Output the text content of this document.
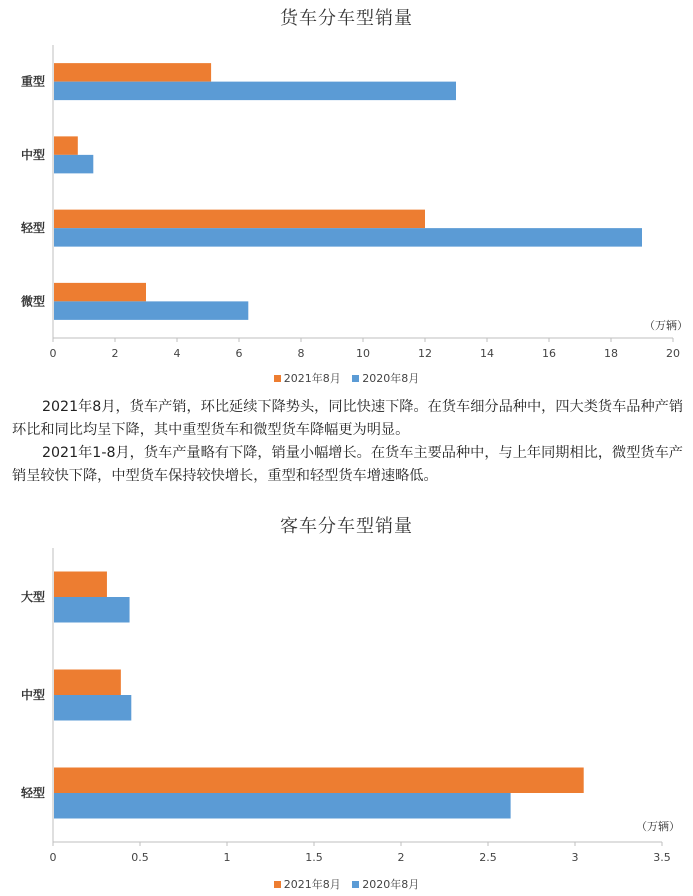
货车分车型销量
0	2	4	6	8	10	12	14	16	18	20
（万辆）
重型
中型
轻型
微型
2021年8月 2020年8月

2021年8月，货车产销，环比延续下降势头，同比快速下降。在货车细分品种中，四大类货车品种产销环比和同比均呈下降，其中重型货车和微型货车降幅更为明显。

2021年1-8月，货车产量略有下降，销量小幅增长。在货车主要品种中，与上年同期相比，微型货车产销呈较快下降，中型货车保持较快增长，重型和轻型货车增速略低。

客车分车型销量
0	0.5	1	1.5	2	2.5	3	3.5
（万辆）
大型
中型
轻型
2021年8月 2020年8月
